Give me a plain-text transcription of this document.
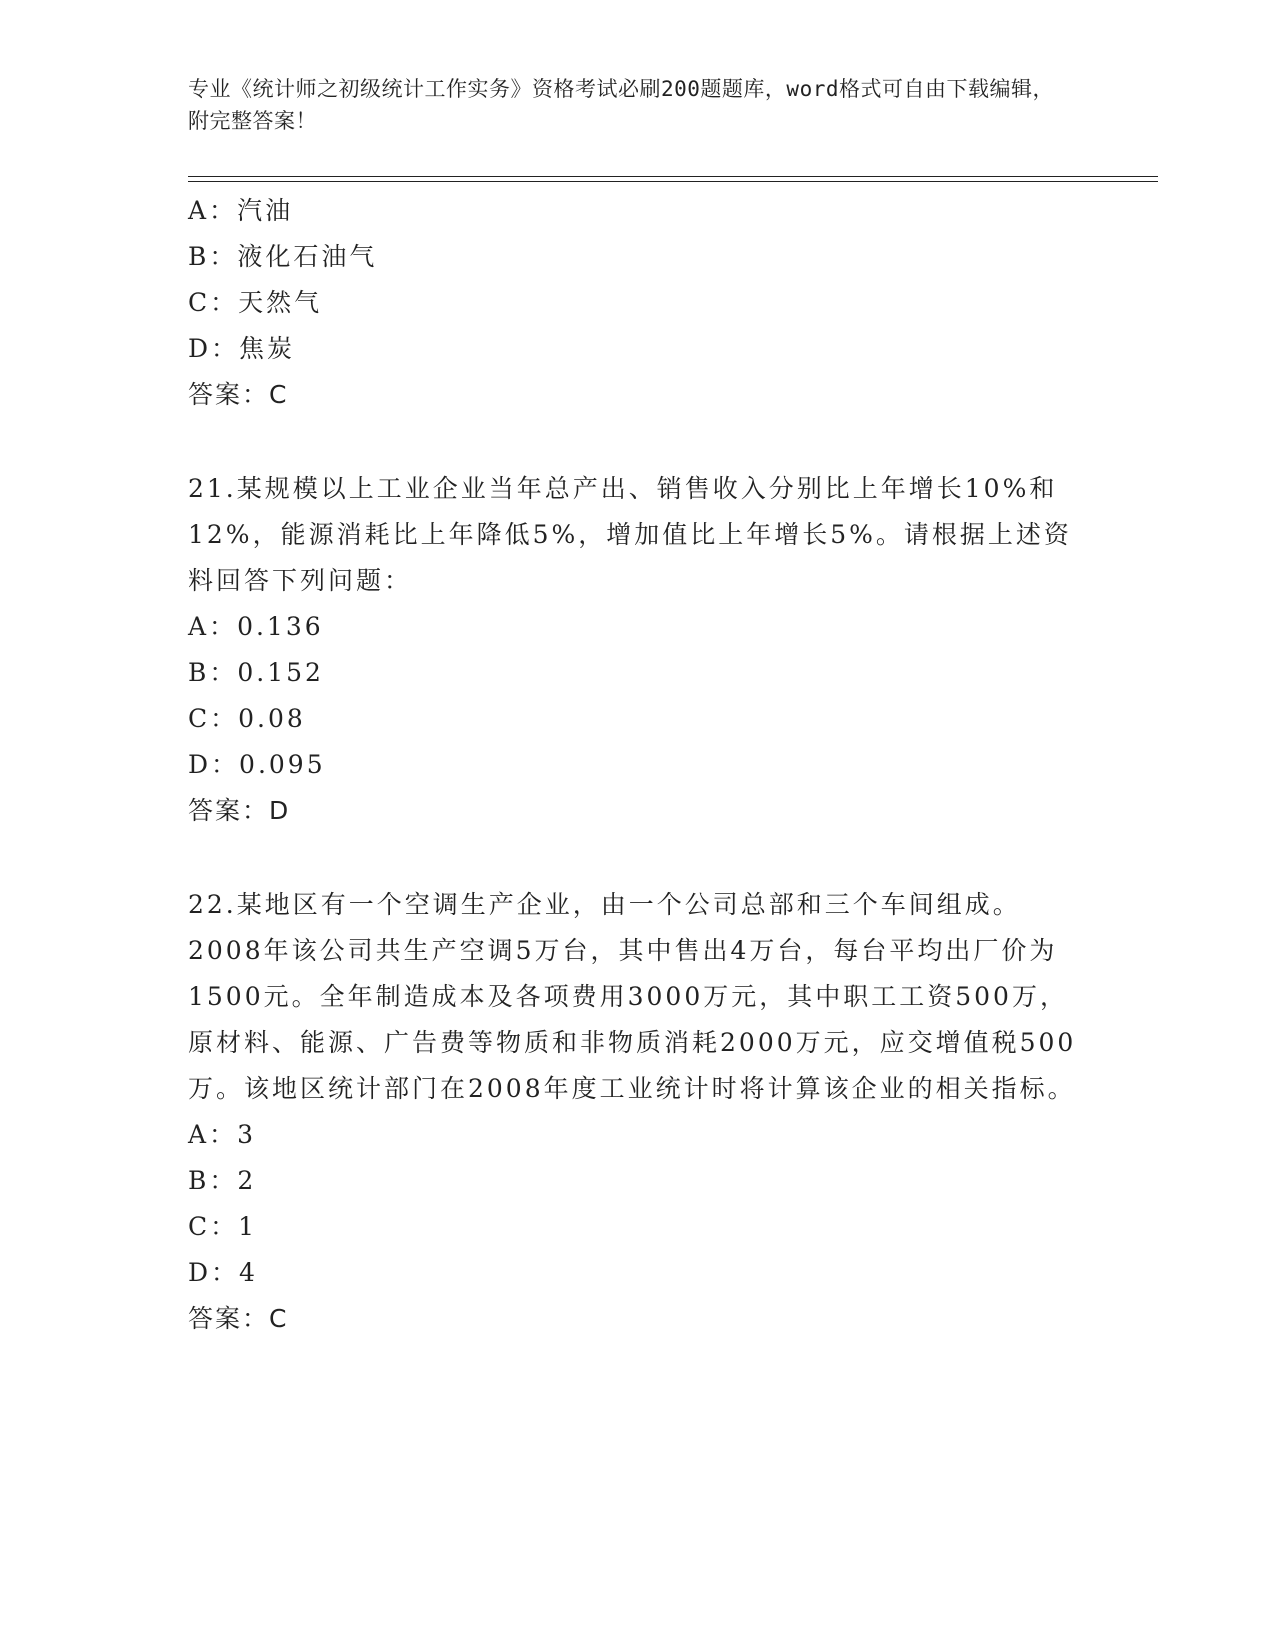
专业《统计师之初级统计工作实务》资格考试必刷200题题库，word格式可自由下载编辑，附完整答案！
A：汽油
B：液化石油气
C：天然气
D：焦炭
答案：C
21.某规模以上工业企业当年总产出、销售收入分别比上年增长10%和12%，能源消耗比上年降低5%，增加值比上年增长5%。请根据上述资料回答下列问题：
A：0.136
B：0.152
C：0.08
D：0.095
答案：D
22.某地区有一个空调生产企业，由一个公司总部和三个车间组成。2008年该公司共生产空调5万台，其中售出4万台，每台平均出厂价为1500元。全年制造成本及各项费用3000万元，其中职工工资500万，原材料、能源、广告费等物质和非物质消耗2000万元，应交增值税500万。该地区统计部门在2008年度工业统计时将计算该企业的相关指标。
A：3
B：2
C：1
D：4
答案：C
